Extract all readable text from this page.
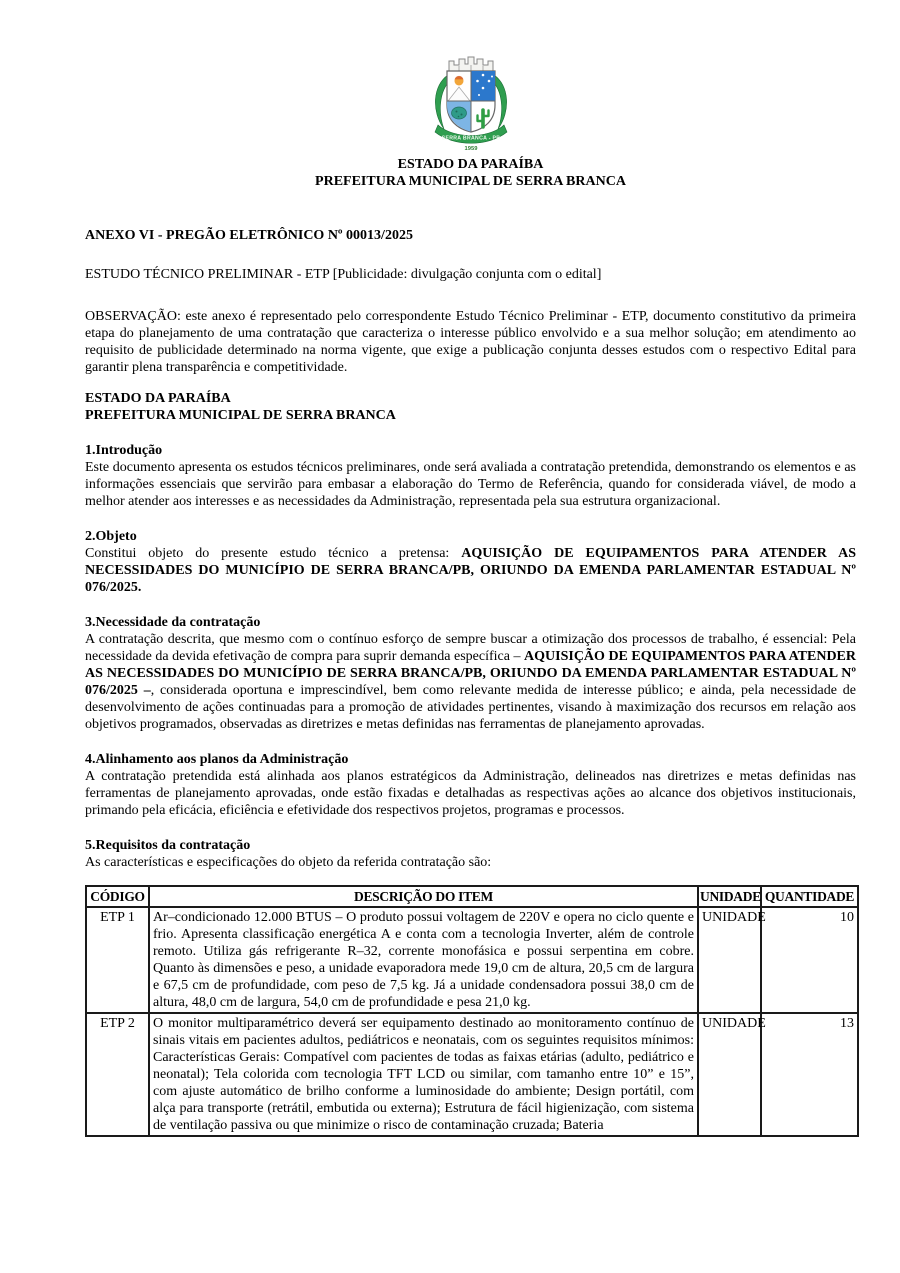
SERRA BRANCA - PB
1959
ESTADO DA PARAÍBA
PREFEITURA MUNICIPAL DE SERRA BRANCA
ANEXO VI - PREGÃO ELETRÔNICO Nº 00013/2025
ESTUDO TÉCNICO PRELIMINAR - ETP [Publicidade: divulgação conjunta com o edital]

OBSERVAÇÃO: este anexo é representado pelo correspondente Estudo Técnico Preliminar - ETP, documento constitutivo da primeira etapa do planejamento de uma contratação que caracteriza o interesse público envolvido e a sua melhor solução; em atendimento ao requisito de publicidade determinado na norma vigente, que exige a publicação conjunta desses estudos com o respectivo Edital para garantir plena transparência e competitividade.

ESTADO DA PARAÍBA
PREFEITURA MUNICIPAL DE SERRA BRANCA
1.Introdução

Este documento apresenta os estudos técnicos preliminares, onde será avaliada a contratação pretendida, demonstrando os elementos e as informações essenciais que servirão para embasar a elaboração do Termo de Referência, quando for considerada viável, de modo a melhor atender aos interesses e as necessidades da Administração, representada pela sua estrutura organizacional.

2.Objeto

Constitui objeto do presente estudo técnico a pretensa: AQUISIÇÃO DE EQUIPAMENTOS PARA ATENDER AS NECESSIDADES DO MUNICÍPIO DE SERRA BRANCA/PB, ORIUNDO DA EMENDA PARLAMENTAR ESTADUAL Nº 076/2025.

3.Necessidade da contratação

A contratação descrita, que mesmo com o contínuo esforço de sempre buscar a otimização dos processos de trabalho, é essencial: Pela necessidade da devida efetivação de compra para suprir demanda específica – AQUISIÇÃO DE EQUIPAMENTOS PARA ATENDER AS NECESSIDADES DO MUNICÍPIO DE SERRA BRANCA/PB, ORIUNDO DA EMENDA PARLAMENTAR ESTADUAL Nº 076/2025 –, considerada oportuna e imprescindível, bem como relevante medida de interesse público; e ainda, pela necessidade de desenvolvimento de ações continuadas para a promoção de atividades pertinentes, visando à maximização dos recursos em relação aos objetivos programados, observadas as diretrizes e metas definidas nas ferramentas de planejamento aprovadas.

4.Alinhamento aos planos da Administração

A contratação pretendida está alinhada aos planos estratégicos da Administração, delineados nas diretrizes e metas definidas nas ferramentas de planejamento aprovadas, onde estão fixadas e detalhadas as respectivas ações ao alcance dos objetivos institucionais, primando pela eficácia, eficiência e efetividade dos respectivos projetos, programas e processos.

5.Requisitos da contratação

As características e especificações do objeto da referida contratação são:

CÓDIGO	DESCRIÇÃO DO ITEM	UNIDADE	QUANTIDADE
ETP 1	Ar–condicionado 12.000 BTUS – O produto possui voltagem de 220V e opera no ciclo quente e frio. Apresenta classificação energética A e conta com a tecnologia Inverter, além de controle remoto. Utiliza gás refrigerante R–32, corrente monofásica e possui serpentina em cobre. Quanto às dimensões e peso, a unidade evaporadora mede 19,0 cm de altura, 20,5 cm de largura e 67,5 cm de profundidade, com peso de 7,5 kg. Já a unidade condensadora possui 38,0 cm de altura, 48,0 cm de largura, 54,0 cm de profundidade e pesa 21,0 kg.	UNIDADE	10
ETP 2	O monitor multiparamétrico deverá ser equipamento destinado ao monitoramento contínuo de sinais vitais em pacientes adultos, pediátricos e neonatais, com os seguintes requisitos mínimos: Características Gerais: Compatível com pacientes de todas as faixas etárias (adulto, pediátrico e neonatal); Tela colorida com tecnologia TFT LCD ou similar, com tamanho entre 10” e 15”, com ajuste automático de brilho conforme a luminosidade do ambiente; Design portátil, com alça para transporte (retrátil, embutida ou externa); Estrutura de fácil higienização, com sistema de ventilação passiva ou que minimize o risco de contaminação cruzada; Bateria	UNIDADE	13
